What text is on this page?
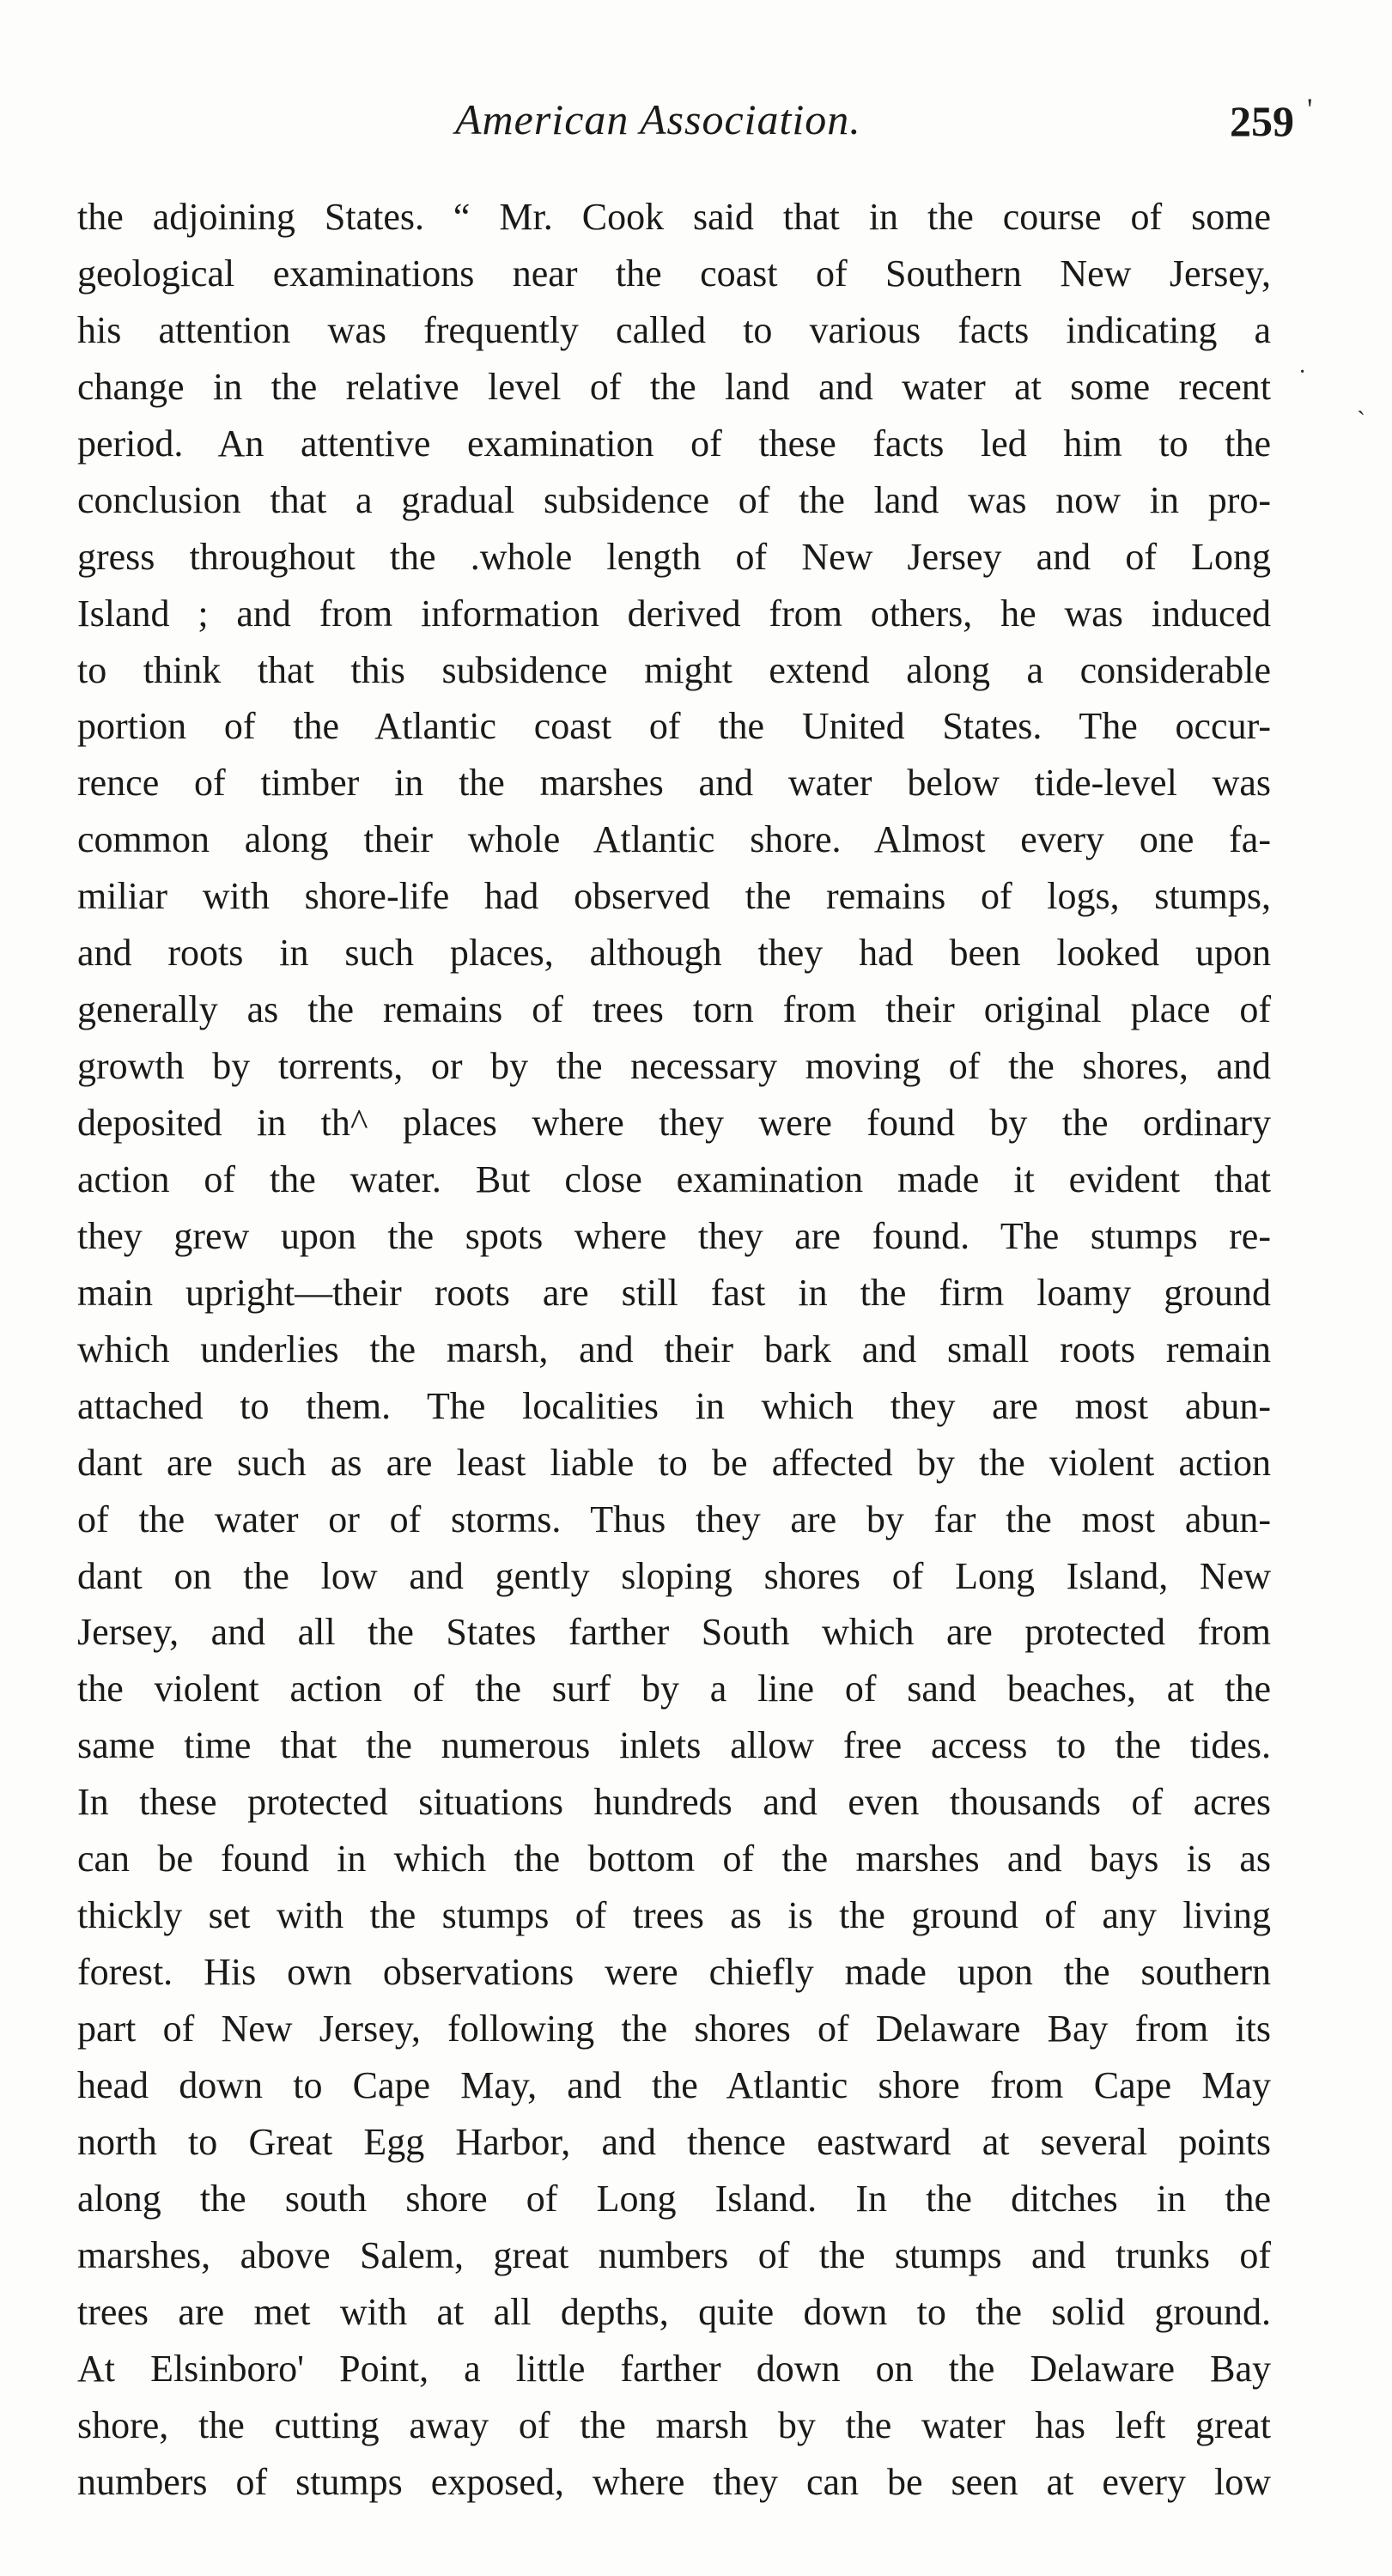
American Association.	259 '
·
˴
the adjoining States. “ Mr. Cook said that in the course of some
geological examinations near the coast of Southern New Jersey,
his attention was frequently called to various facts indicating a
change in the relative level of the land and water at some recent
period. An attentive examination of these facts led him to the
conclusion that a gradual subsidence of the land was now in pro-
gress throughout the .whole length of New Jersey and of Long
Island ; and from information derived from others, he was induced
to think that this subsidence might extend along a considerable
portion of the Atlantic coast of the United States. The occur-
rence of timber in the marshes and water below tide-level was
common along their whole Atlantic shore. Almost every one fa-
miliar with shore-life had observed the remains of logs, stumps,
and roots in such places, although they had been looked upon
generally as the remains of trees torn from their original place of
growth by torrents, or by the necessary moving of the shores, and
deposited in th^ places where they were found by the ordinary
action of the water. But close examination made it evident that
they grew upon the spots where they are found. The stumps re-
main upright—their roots are still fast in the firm loamy ground
which underlies the marsh, and their bark and small roots remain
attached to them. The localities in which they are most abun-
dant are such as are least liable to be affected by the violent action
of the water or of storms. Thus they are by far the most abun-
dant on the low and gently sloping shores of Long Island, New
Jersey, and all the States farther South which are protected from
the violent action of the surf by a line of sand beaches, at the
same time that the numerous inlets allow free access to the tides.
In these protected situations hundreds and even thousands of acres
can be found in which the bottom of the marshes and bays is as
thickly set with the stumps of trees as is the ground of any living
forest. His own observations were chiefly made upon the southern
part of New Jersey, following the shores of Delaware Bay from its
head down to Cape May, and the Atlantic shore from Cape May
north to Great Egg Harbor, and thence eastward at several points
along the south shore of Long Island. In the ditches in the
marshes, above Salem, great numbers of the stumps and trunks of
trees are met with at all depths, quite down to the solid ground.
At Elsinboro' Point, a little farther down on the Delaware Bay
shore, the cutting away of the marsh by the water has left great
numbers of stumps exposed, where they can be seen at every low
